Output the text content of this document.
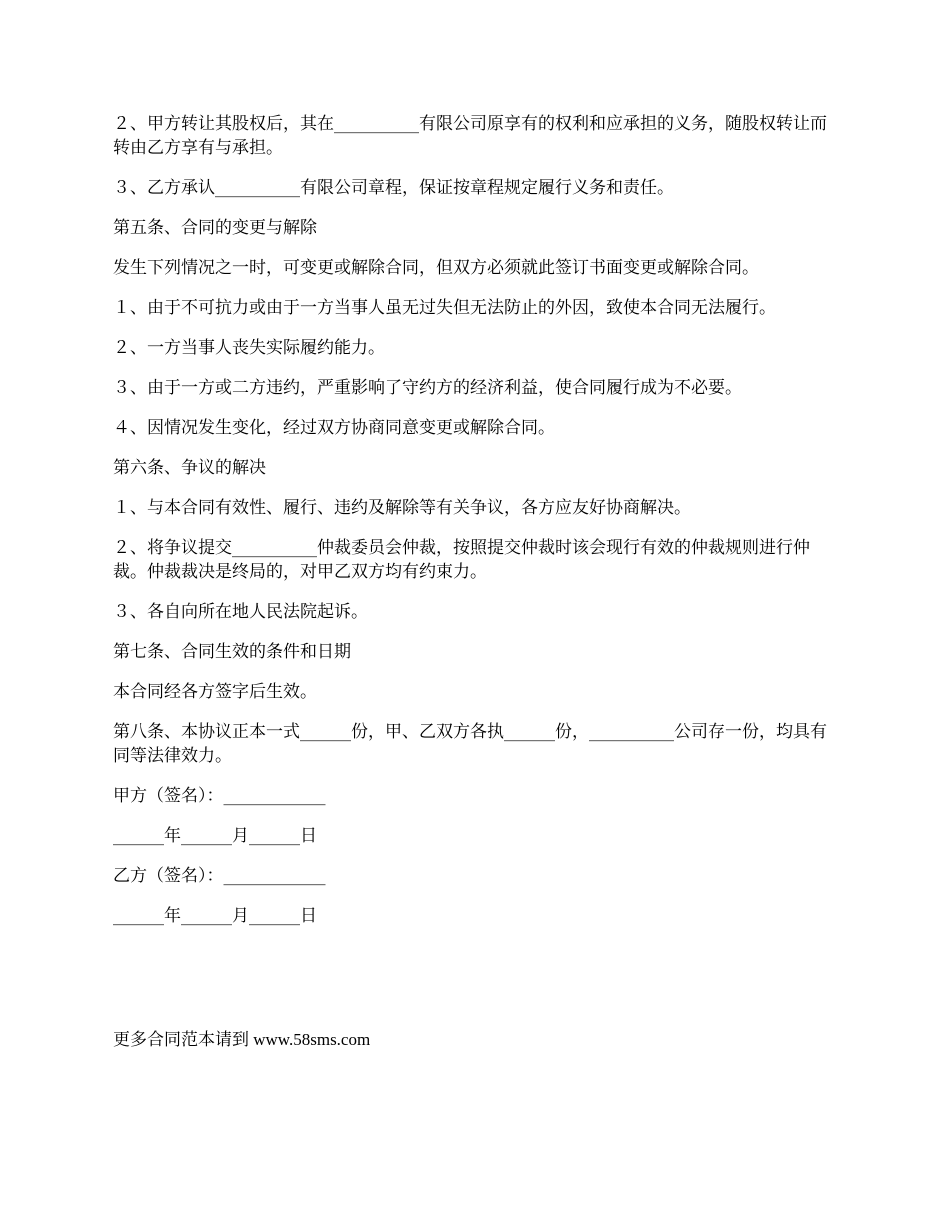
２、甲方转让其股权后，其在__________有限公司原享有的权利和应承担的义务，随股权转让而转由乙方享有与承担。
３、乙方承认__________有限公司章程，保证按章程规定履行义务和责任。
第五条、合同的变更与解除
发生下列情况之一时，可变更或解除合同，但双方必须就此签订书面变更或解除合同。
１、由于不可抗力或由于一方当事人虽无过失但无法防止的外因，致使本合同无法履行。
２、一方当事人丧失实际履约能力。
３、由于一方或二方违约，严重影响了守约方的经济利益，使合同履行成为不必要。
４、因情况发生变化，经过双方协商同意变更或解除合同。
第六条、争议的解决
１、与本合同有效性、履行、违约及解除等有关争议，各方应友好协商解决。
２、将争议提交__________仲裁委员会仲裁，按照提交仲裁时该会现行有效的仲裁规则进行仲裁。仲裁裁决是终局的，对甲乙双方均有约束力。
３、各自向所在地人民法院起诉。
第七条、合同生效的条件和日期
本合同经各方签字后生效。
第八条、本协议正本一式______份，甲、乙双方各执______份，__________公司存一份，均具有同等法律效力。
甲方（签名）：____________
______年______月______日
乙方（签名）：____________
______年______月______日
更多合同范本请到 www.58sms.com
